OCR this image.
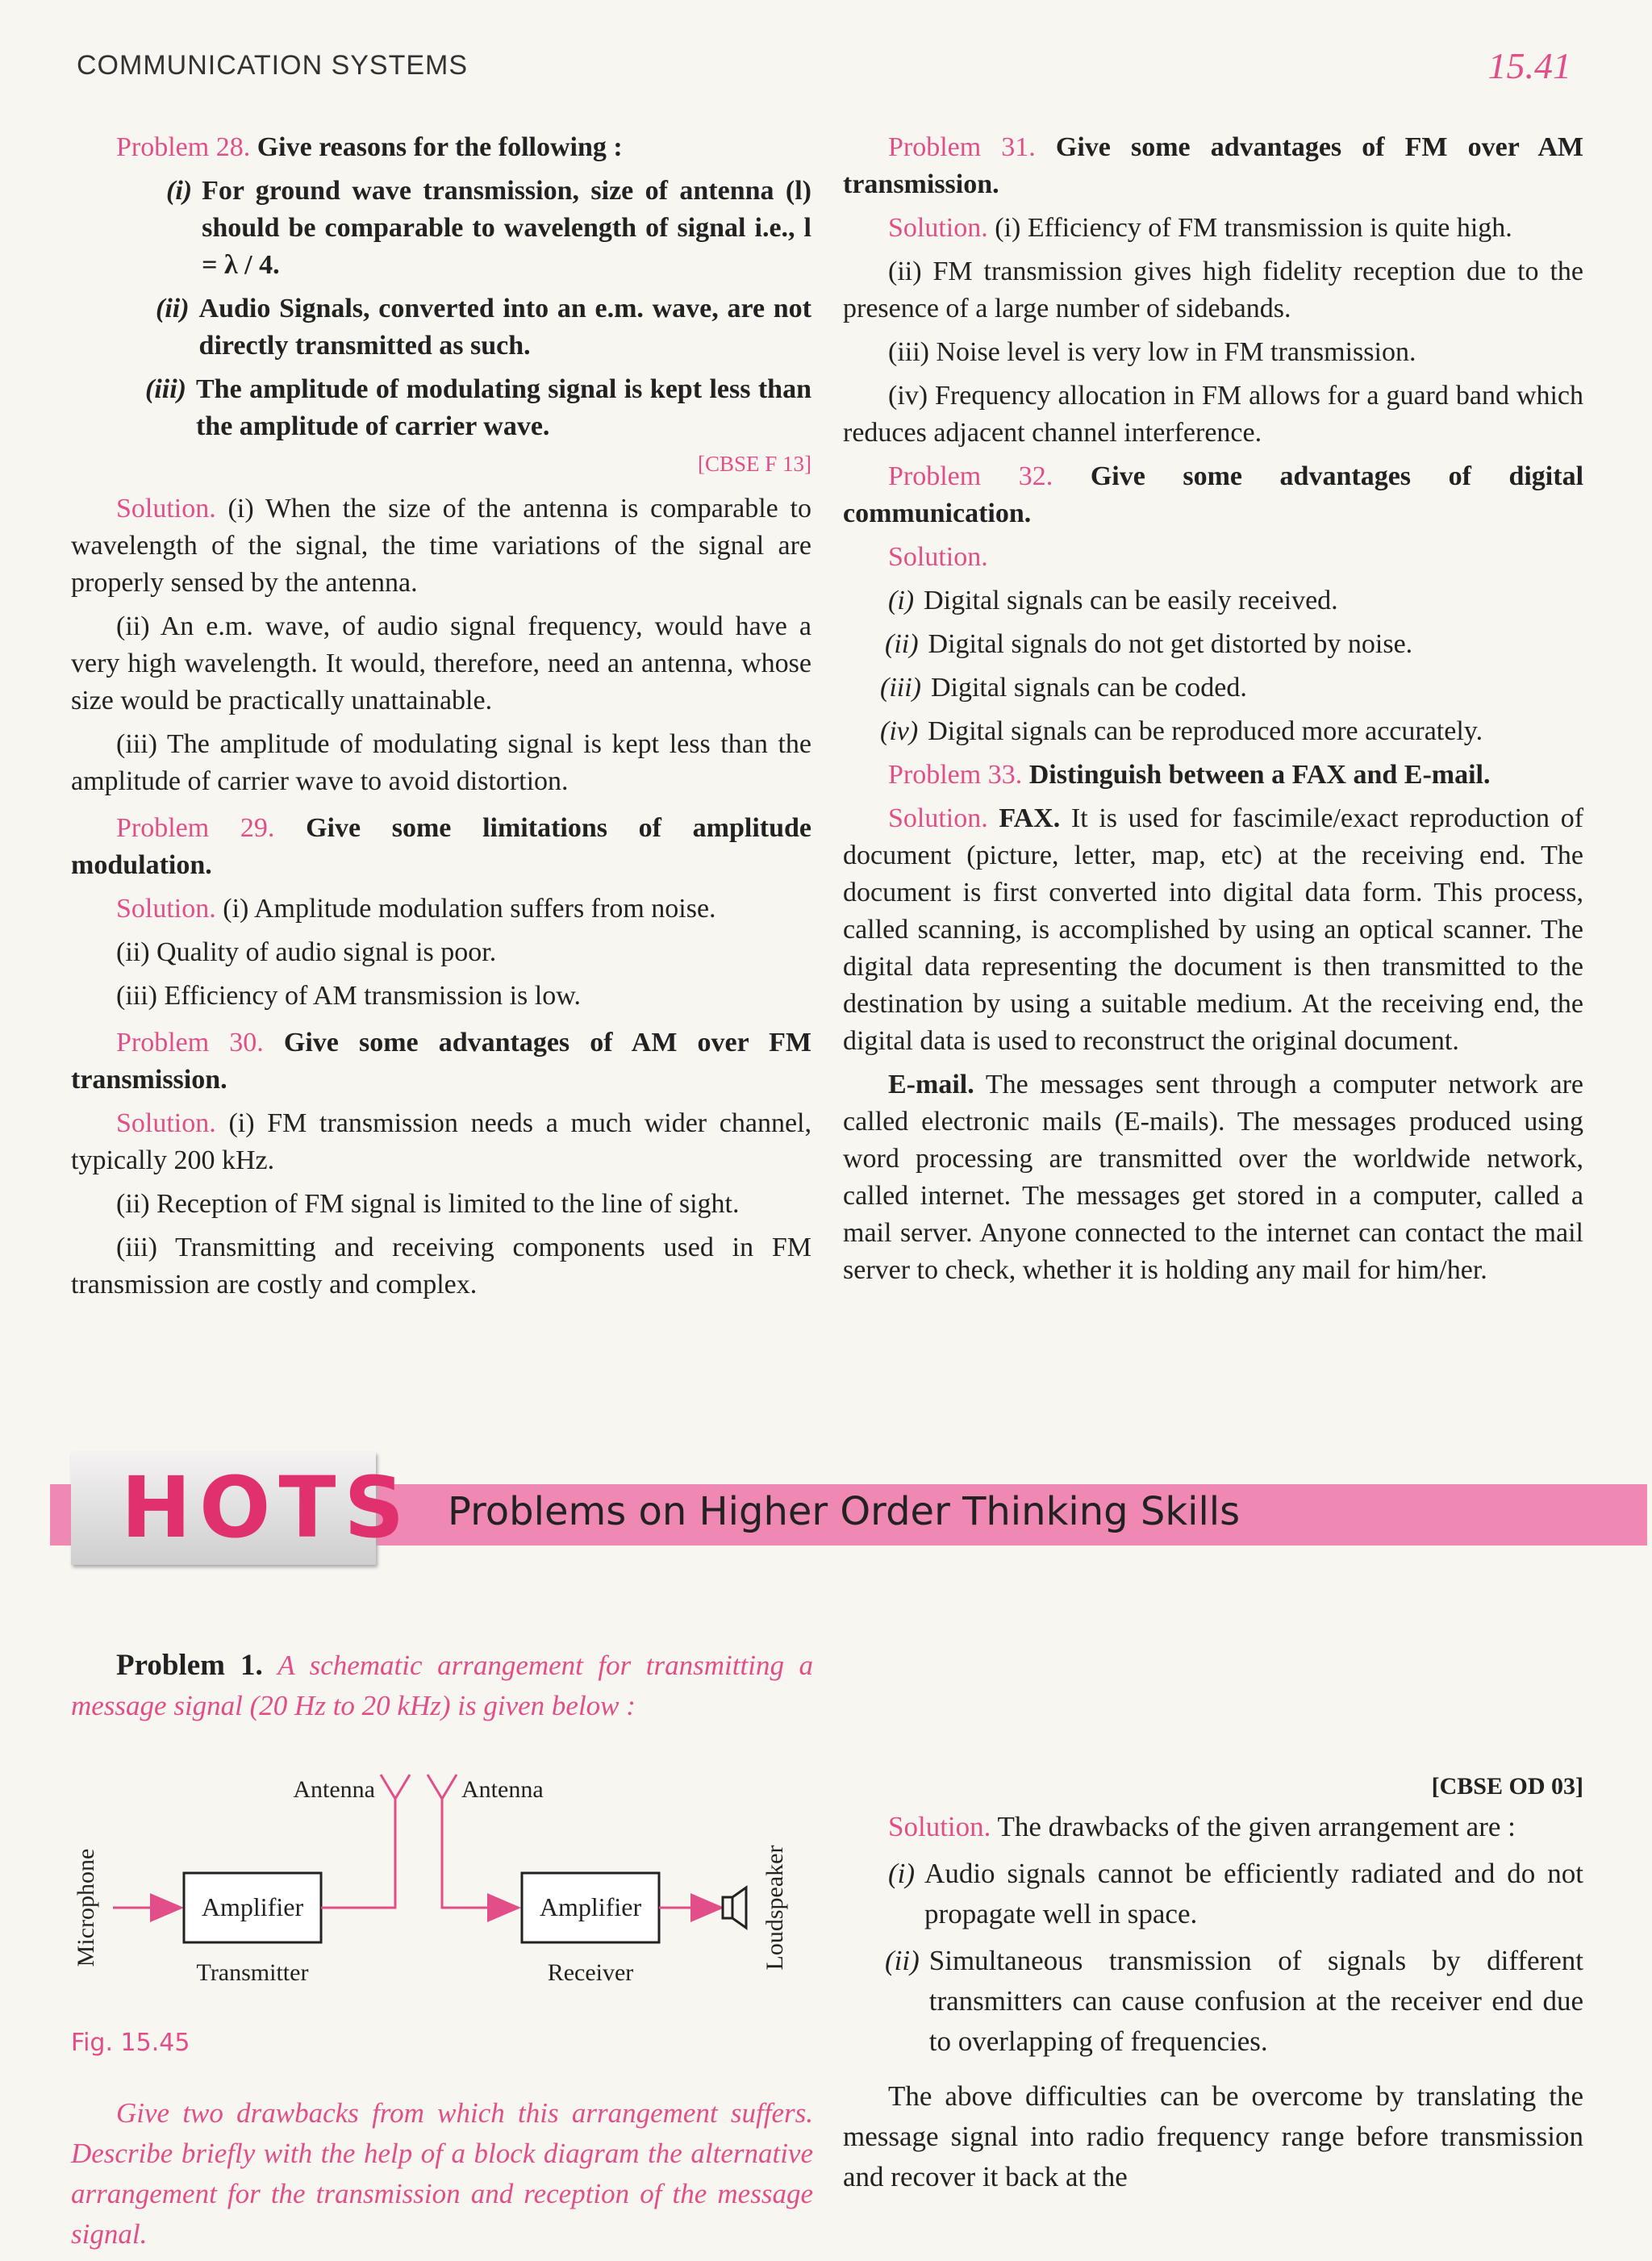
COMMUNICATION SYSTEMS	15.41

Problem 28. Give reasons for the following :

(i) For ground wave transmission, size of antenna (l) should be comparable to wavelength of signal i.e., l = λ / 4.
(ii) Audio Signals, converted into an e.m. wave, are not directly transmitted as such.
(iii) The amplitude of modulating signal is kept less than the amplitude of carrier wave.
[CBSE F 13]

Solution. (i) When the size of the antenna is comparable to wavelength of the signal, the time variations of the signal are properly sensed by the antenna.

(ii) An e.m. wave, of audio signal frequency, would have a very high wavelength. It would, therefore, need an antenna, whose size would be practically unattainable.

(iii) The amplitude of modulating signal is kept less than the amplitude of carrier wave to avoid distortion.

Problem 29. Give some limitations of amplitude modulation.

Solution. (i) Amplitude modulation suffers from noise.

(ii) Quality of audio signal is poor.

(iii) Efficiency of AM transmission is low.

Problem 30. Give some advantages of AM over FM transmission.

Solution. (i) FM transmission needs a much wider channel, typically 200 kHz.

(ii) Reception of FM signal is limited to the line of sight.

(iii) Transmitting and receiving components used in FM transmission are costly and complex.

Problem 31. Give some advantages of FM over AM transmission.

Solution. (i) Efficiency of FM transmission is quite high.

(ii) FM transmission gives high fidelity reception due to the presence of a large number of sidebands.

(iii) Noise level is very low in FM transmission.

(iv) Frequency allocation in FM allows for a guard band which reduces adjacent channel interference.

Problem 32. Give some advantages of digital communication.

Solution.

(i) Digital signals can be easily received.
(ii) Digital signals do not get distorted by noise.
(iii) Digital signals can be coded.
(iv) Digital signals can be reproduced more accurately.

Problem 33. Distinguish between a FAX and E-mail.

Solution. FAX. It is used for fascimile/exact reproduction of document (picture, letter, map, etc) at the receiving end. The document is first converted into digital data form. This process, called scanning, is accomplished by using an optical scanner. The digital data representing the document is then transmitted to the destination by using a suitable medium. At the receiving end, the digital data is used to reconstruct the original document.

E-mail. The messages sent through a computer network are called electronic mails (E-mails). The messages produced using word processing are transmitted over the worldwide network, called internet. The messages get stored in a computer, called a mail server. Anyone connected to the internet can contact the mail server to check, whether it is holding any mail for him/her.

HOTS Problems on Higher Order Thinking Skills

Problem 1. A schematic arrangement for transmitting a message signal (20 Hz to 20 kHz) is given below :

Microphone	Amplifier
Antenna	Antenna
Amplifier	Loudspeaker
Transmitter	Receiver
Fig. 15.45

Give two drawbacks from which this arrangement suffers. Describe briefly with the help of a block diagram the alternative arrangement for the transmission and reception of the message signal.

[CBSE OD 03]

Solution. The drawbacks of the given arrangement are :

(i) Audio signals cannot be efficiently radiated and do not propagate well in space.
(ii) Simultaneous transmission of signals by different transmitters can cause confusion at the receiver end due to overlapping of frequencies.

The above difficulties can be overcome by translating the message signal into radio frequency range before transmission and recover it back at the
